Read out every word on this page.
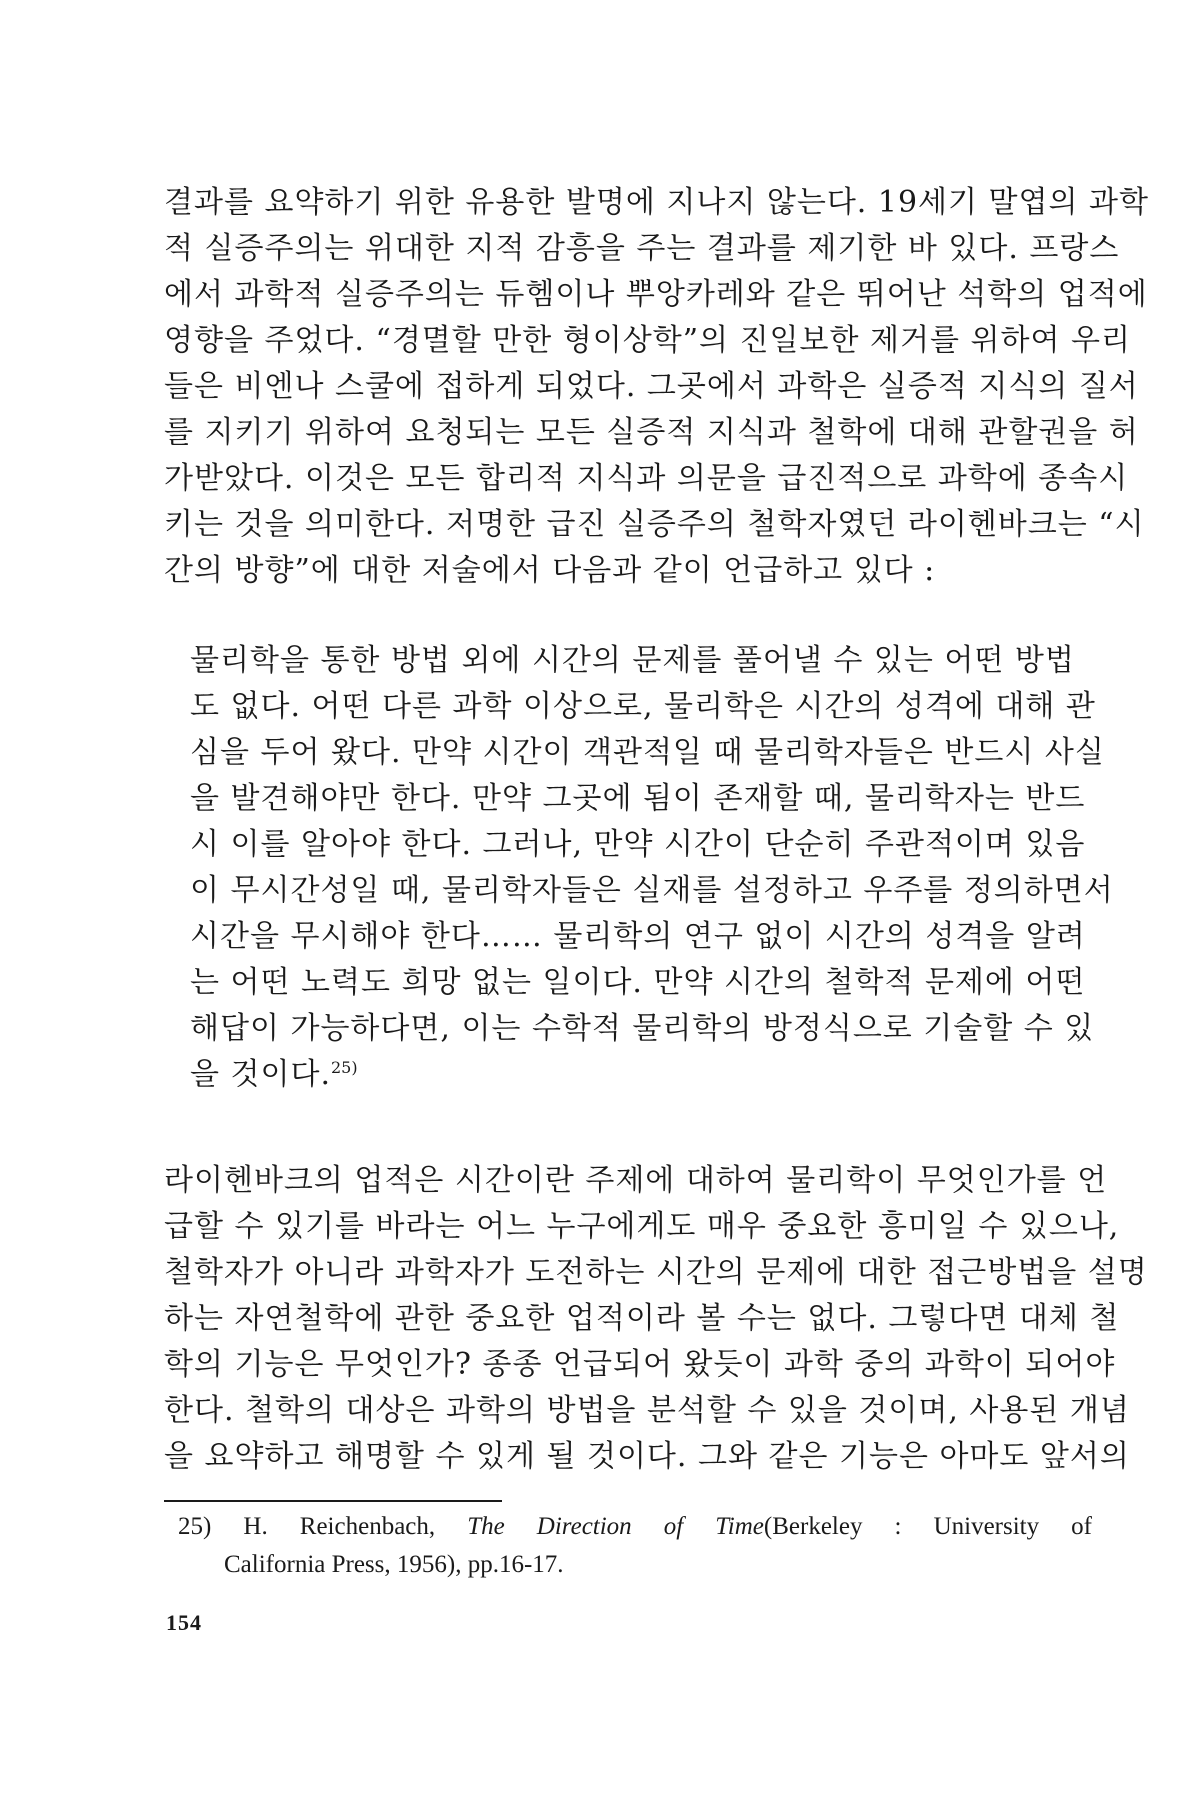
결과를 요약하기 위한 유용한 발명에 지나지 않는다. 19세기 말엽의 과학
적 실증주의는 위대한 지적 감흥을 주는 결과를 제기한 바 있다. 프랑스
에서 과학적 실증주의는 듀헴이나 뿌앙카레와 같은 뛰어난 석학의 업적에
영향을 주었다. “경멸할 만한 형이상학”의 진일보한 제거를 위하여 우리
들은 비엔나 스쿨에 접하게 되었다. 그곳에서 과학은 실증적 지식의 질서
를 지키기 위하여 요청되는 모든 실증적 지식과 철학에 대해 관할권을 허
가받았다. 이것은 모든 합리적 지식과 의문을 급진적으로 과학에 종속시
키는 것을 의미한다. 저명한 급진 실증주의 철학자였던 라이헨바크는 “시
간의 방향”에 대한 저술에서 다음과 같이 언급하고 있다 :
물리학을 통한 방법 외에 시간의 문제를 풀어낼 수 있는 어떤 방법
도 없다. 어떤 다른 과학 이상으로, 물리학은 시간의 성격에 대해 관
심을 두어 왔다. 만약 시간이 객관적일 때 물리학자들은 반드시 사실
을 발견해야만 한다. 만약 그곳에 됨이 존재할 때, 물리학자는 반드
시 이를 알아야 한다. 그러나, 만약 시간이 단순히 주관적이며 있음
이 무시간성일 때, 물리학자들은 실재를 설정하고 우주를 정의하면서
시간을 무시해야 한다…… 물리학의 연구 없이 시간의 성격을 알려
는 어떤 노력도 희망 없는 일이다. 만약 시간의 철학적 문제에 어떤
해답이 가능하다면, 이는 수학적 물리학의 방정식으로 기술할 수 있
을 것이다.$^{25)}$
라이헨바크의 업적은 시간이란 주제에 대하여 물리학이 무엇인가를 언
급할 수 있기를 바라는 어느 누구에게도 매우 중요한 흥미일 수 있으나,
철학자가 아니라 과학자가 도전하는 시간의 문제에 대한 접근방법을 설명
하는 자연철학에 관한 중요한 업적이라 볼 수는 없다. 그렇다면 대체 철
학의 기능은 무엇인가? 종종 언급되어 왔듯이 과학 중의 과학이 되어야
한다. 철학의 대상은 과학의 방법을 분석할 수 있을 것이며, 사용된 개념
을 요약하고 해명할 수 있게 될 것이다. 그와 같은 기능은 아마도 앞서의
25) H. Reichenbach, The Direction of Time(Berkeley : University of
California Press, 1956), pp.16-17.
154
